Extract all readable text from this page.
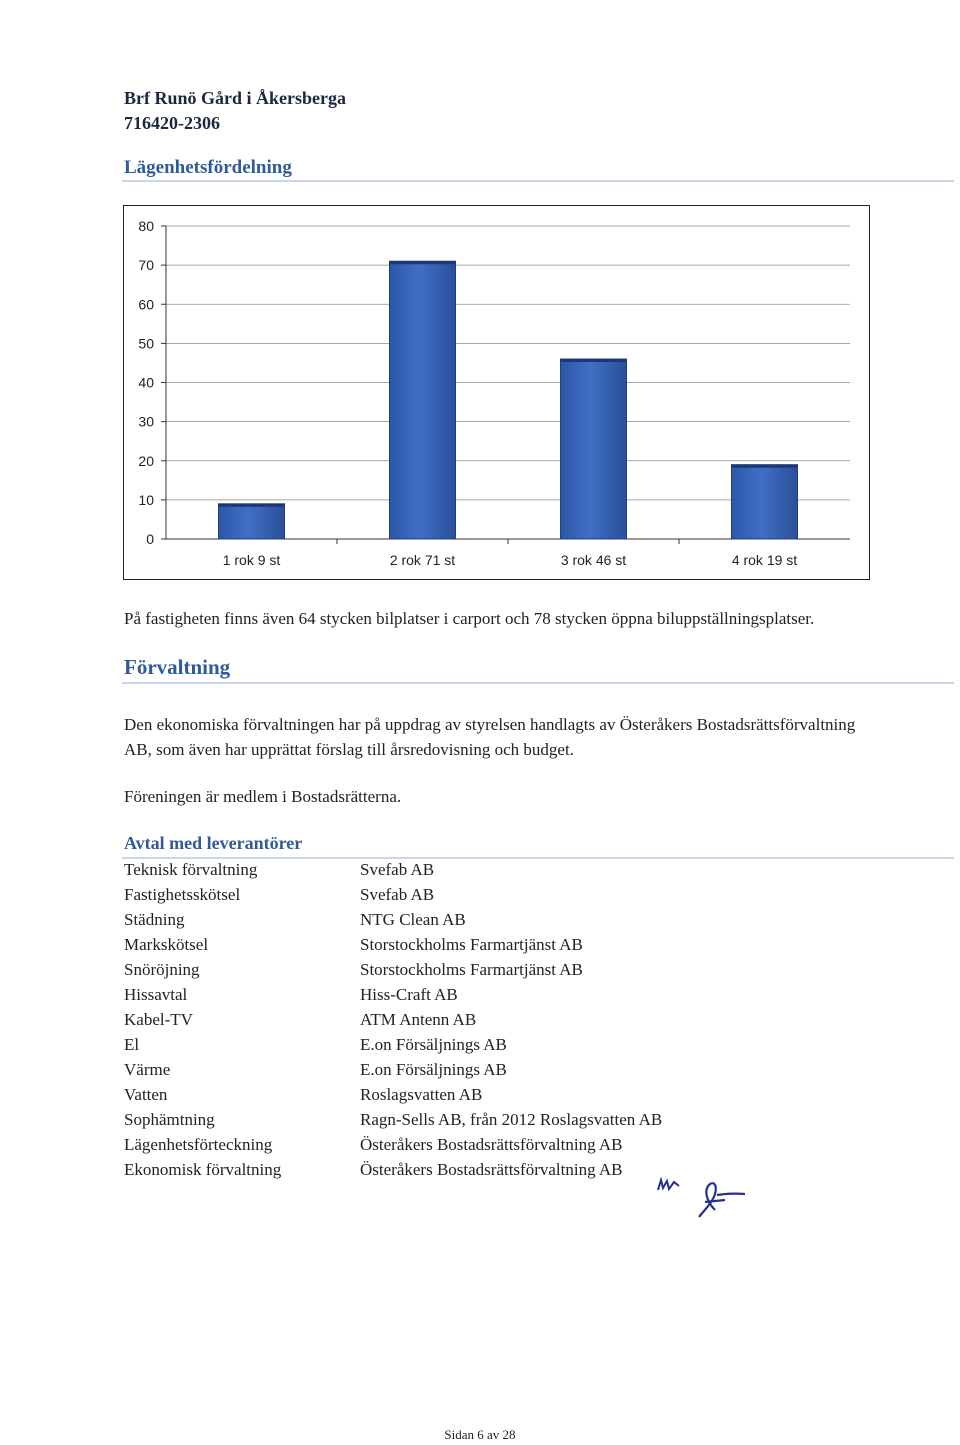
Brf Runö Gård i Åkersberga
716420-2306
Lägenhetsfördelning
0
10
20
30
40
50
60
70
80
1 rok 9 st	2 rok 71 st	3 rok 46 st	4 rok 19 st
På fastigheten finns även 64 stycken bilplatser i carport och 78 stycken öppna biluppställningsplatser.
Förvaltning
Den ekonomiska förvaltningen har på uppdrag av styrelsen handlagts av Österåkers Bostadsrättsförvaltning
AB, som även har upprättat förslag till årsredovisning och budget.
Föreningen är medlem i Bostadsrätterna.
Avtal med leverantörer
Teknisk förvaltning	Svefab AB
Fastighetsskötsel	Svefab AB
Städning	NTG Clean AB
Markskötsel	Storstockholms Farmartjänst AB
Snöröjning	Storstockholms Farmartjänst AB
Hissavtal	Hiss-Craft AB
Kabel-TV	ATM Antenn AB
El	E.on Försäljnings AB
Värme	E.on Försäljnings AB
Vatten	Roslagsvatten AB
Sophämtning	Ragn-Sells AB, från 2012 Roslagsvatten AB
Lägenhetsförteckning	Österåkers Bostadsrättsförvaltning AB
Ekonomisk förvaltning	Österåkers Bostadsrättsförvaltning AB
Sidan 6 av 28
